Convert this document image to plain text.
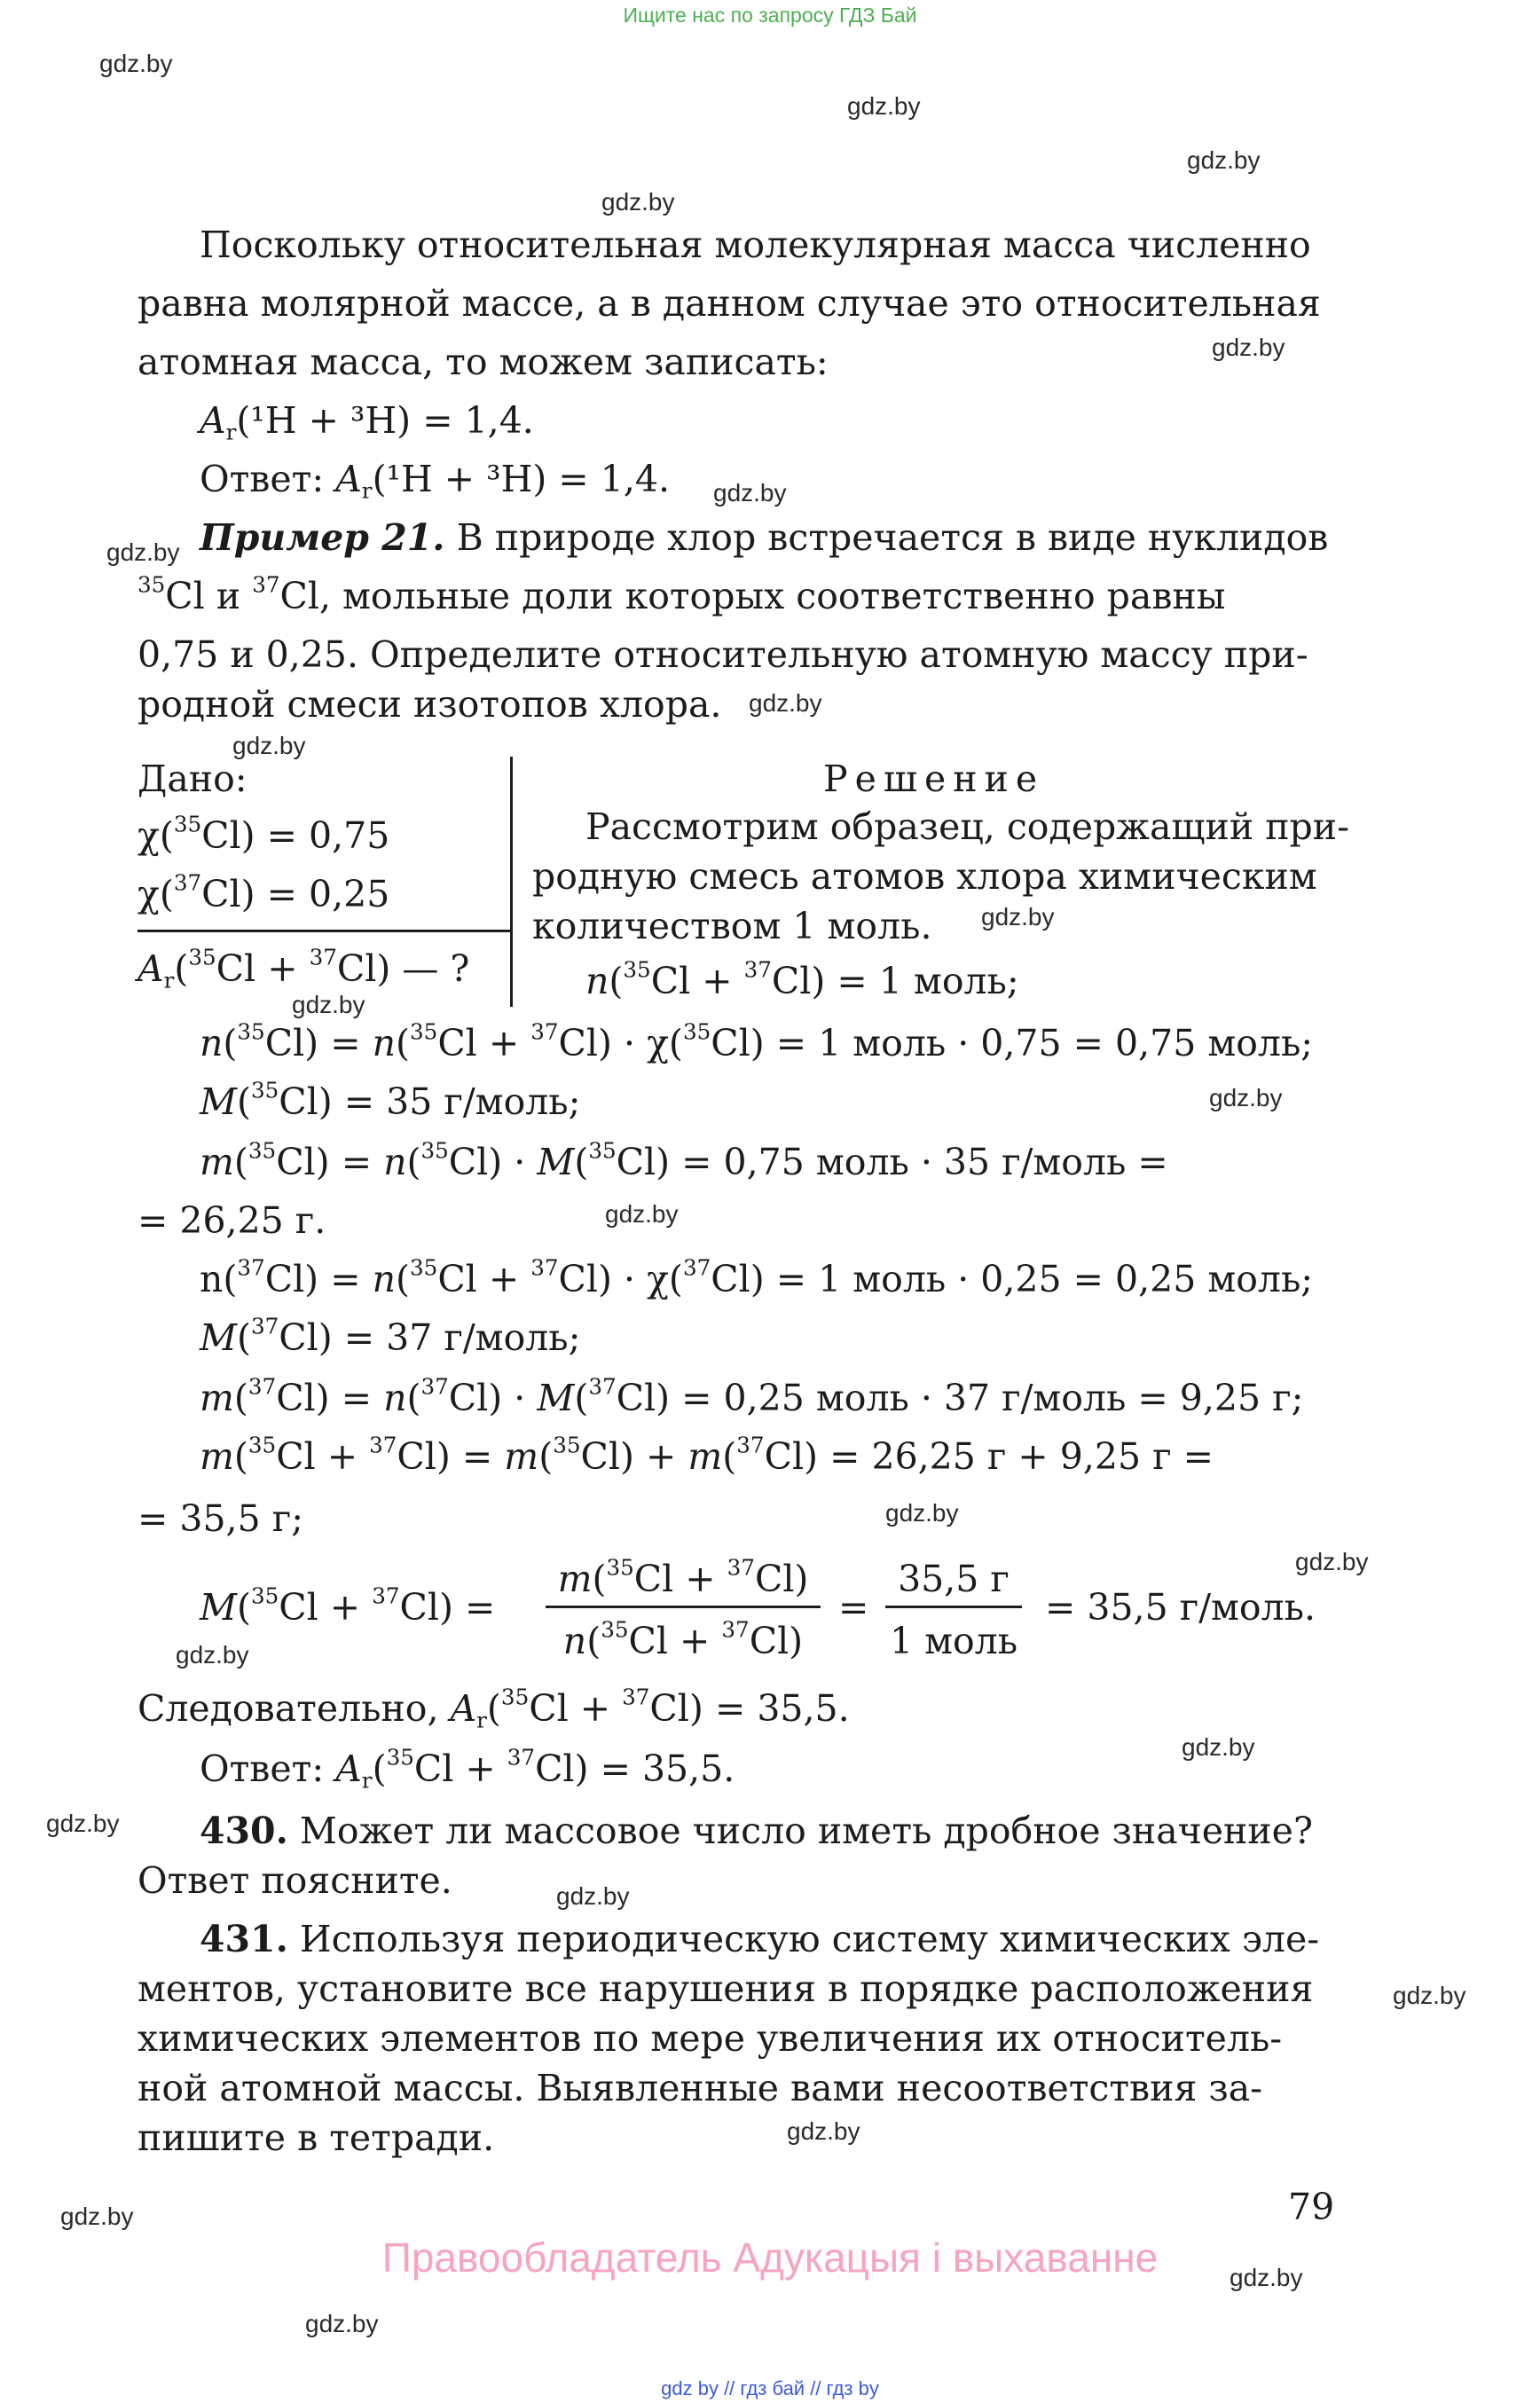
Ищите нас по запросу ГДЗ Бай
gdz.by
gdz.by
gdz.by
gdz.by
gdz.by
gdz.by
gdz.by
gdz.by
gdz.by
gdz.by
gdz.by
gdz.by
gdz.by
gdz.by
gdz.by
gdz.by
gdz.by
gdz.by
gdz.by
gdz.by
gdz.by
gdz.by
gdz.by
gdz.by
Поскольку относительная молекулярная масса численно
равна молярной массе, а в данном случае это относительная
атомная масса, то можем записать:
$A_r(^1H + ^3H) = 1,4$.
Ответ: $A_r(^1H + ^3H) = 1,4$.
Пример 21. В природе хлор встречается в виде нуклидов
$^{35}$Cl и $^{37}$Cl, мольные доли которых соответственно равны
0,75 и 0,25. Определите относительную атомную массу при-
родной смеси изотопов хлора.
Дано:
χ($^{35}$Cl) = 0,75
χ($^{37}$Cl) = 0,25
$A_r(^{35}Cl + ^{37}Cl)$ — ?
Решение
Рассмотрим образец, содержащий при-
родную смесь атомов хлора химическим
количеством 1 моль.
n($^{35}$Cl + $^{37}$Cl) = 1 моль;
n($^{35}$Cl) = n($^{35}$Cl + $^{37}$Cl) · χ($^{35}$Cl) = 1 моль · 0,75 = 0,75 моль;
M($^{35}$Cl) = 35 г/моль;
m($^{35}$Cl) = n($^{35}$Cl) · M($^{35}$Cl) = 0,75 моль · 35 г/моль =
= 26,25 г.
n($^{37}$Cl) = n($^{35}$Cl + $^{37}$Cl) · χ($^{37}$Cl) = 1 моль · 0,25 = 0,25 моль;
M($^{37}$Cl) = 37 г/моль;
m($^{37}$Cl) = n($^{37}$Cl) · M($^{37}$Cl) = 0,25 моль · 37 г/моль = 9,25 г;
m($^{35}$Cl + $^{37}$Cl) = m($^{35}$Cl) + m($^{37}$Cl) = 26,25 г + 9,25 г =
= 35,5 г;
M($^{35}$Cl + $^{37}$Cl) =
m($^{35}$Cl + $^{37}$Cl)
n($^{35}$Cl + $^{37}$Cl)
=
35,5 г
1 моль
= 35,5 г/моль.
Следовательно, $A_r(^{35}Cl + ^{37}Cl) = 35,5$.
Ответ: $A_r(^{35}Cl + ^{37}Cl) = 35,5$.
430. Может ли массовое число иметь дробное значение?
Ответ поясните.
431. Используя периодическую систему химических эле-
ментов, установите все нарушения в порядке расположения
химических элементов по мере увеличения их относитель-
ной атомной массы. Выявленные вами несоответствия за-
пишите в тетради.
79
Правообладатель Адукацыя і выхаванне
gdz by // гдз бай // гдз by
